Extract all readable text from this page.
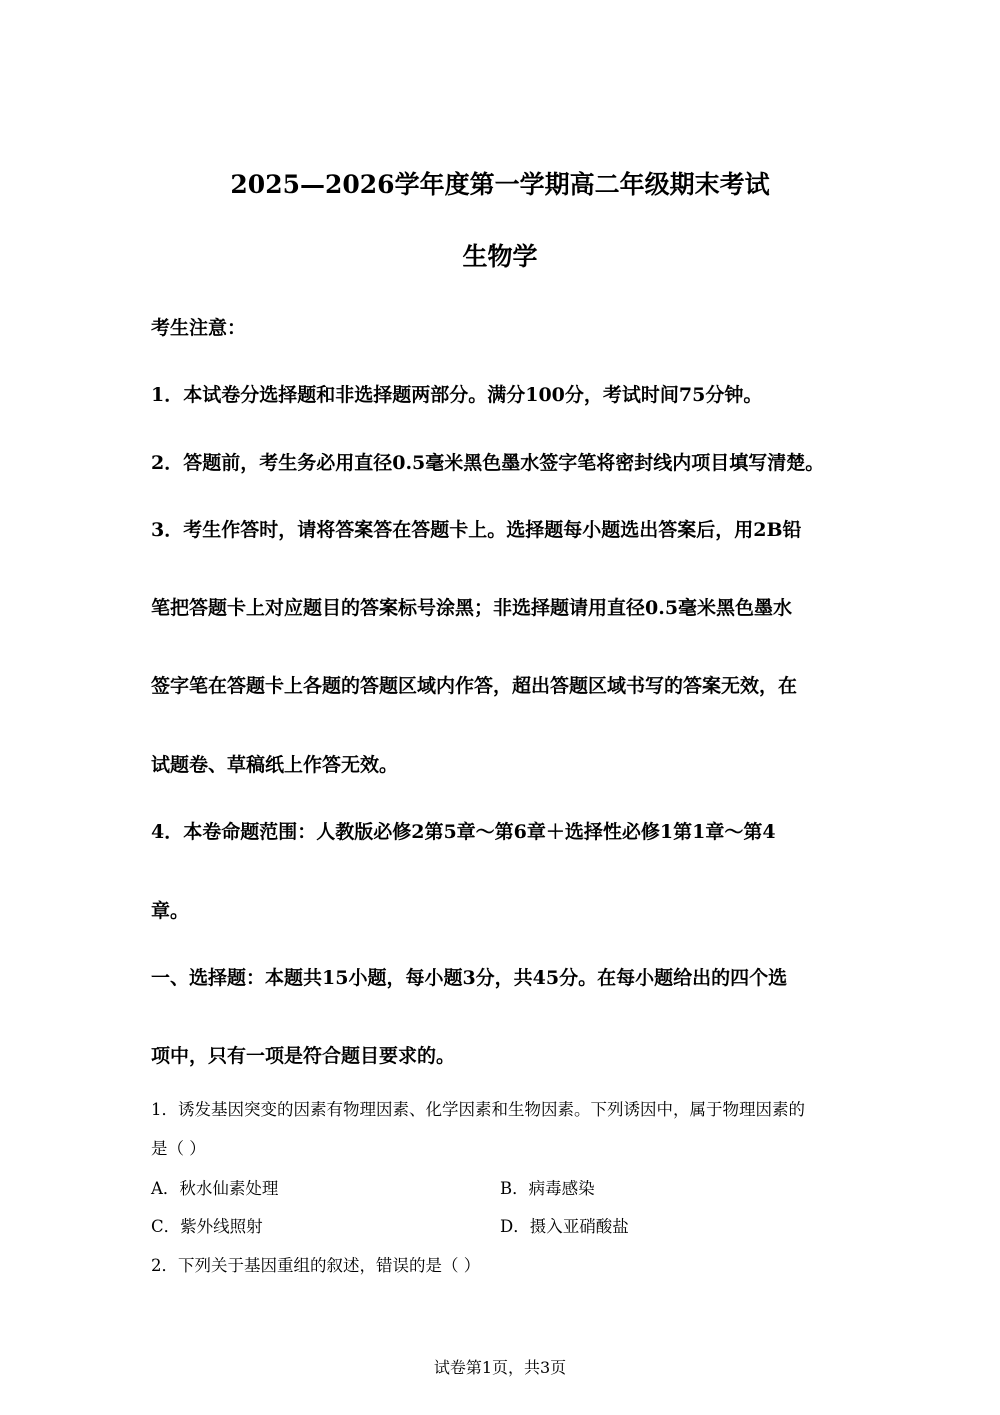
2025—2026学年度第一学期高二年级期末考试
生物学
考生注意：
1．本试卷分选择题和非选择题两部分。满分100分，考试时间75分钟。
2．答题前，考生务必用直径0.5毫米黑色墨水签字笔将密封线内项目填写清楚。
3．考生作答时，请将答案答在答题卡上。选择题每小题选出答案后，用2B铅
笔把答题卡上对应题目的答案标号涂黑；非选择题请用直径0.5毫米黑色墨水
签字笔在答题卡上各题的答题区域内作答，超出答题区域书写的答案无效，在
试题卷、草稿纸上作答无效。
4．本卷命题范围：人教版必修2第5章～第6章＋选择性必修1第1章～第4
章。
一、选择题：本题共15小题，每小题3分，共45分。在每小题给出的四个选
项中，只有一项是符合题目要求的。
1．诱发基因突变的因素有物理因素、化学因素和生物因素。下列诱因中，属于物理因素的
是（ ）
A．秋水仙素处理	B．病毒感染
C．紫外线照射	D．摄入亚硝酸盐
2．下列关于基因重组的叙述，错误的是（ ）
试卷第1页，共3页
